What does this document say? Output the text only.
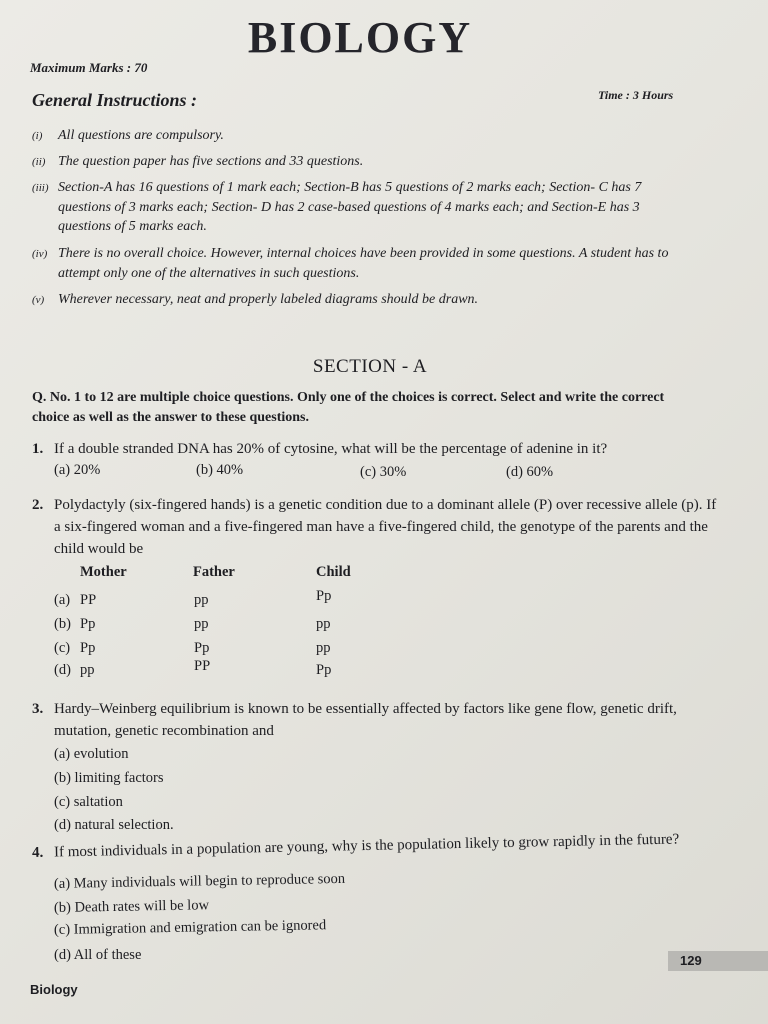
BIOLOGY
Maximum Marks : 70
Time : 3 Hours
General Instructions :
(i) All questions are compulsory.
(ii) The question paper has five sections and 33 questions.
(iii) Section-A has 16 questions of 1 mark each; Section-B has 5 questions of 2 marks each; Section- C has 7
questions of 3 marks each; Section- D has 2 case-based questions of 4 marks each; and Section-E has 3
questions of 5 marks each.
(iv) There is no overall choice. However, internal choices have been provided in some questions. A student has to
attempt only one of the alternatives in such questions.
(v) Wherever necessary, neat and properly labeled diagrams should be drawn.
SECTION - A
Q. No. 1 to 12 are multiple choice questions. Only one of the choices is correct. Select and write the correct
choice as well as the answer to these questions.
1. If a double stranded DNA has 20% of cytosine, what will be the percentage of adenine in it?
(a) 20%	(b) 40%	(c) 30%	(d) 60%
2. Polydactyly (six-fingered hands) is a genetic condition due to a dominant allele (P) over recessive allele (p). If
a six-fingered woman and a five-fingered man have a five-fingered child, the genotype of the parents and the
child would be
Mother	Father	Child
(a) PP	pp	Pp
(b) Pp	pp	pp
(c) Pp	Pp	pp
(d) pp	PP	Pp
3. Hardy–Weinberg equilibrium is known to be essentially affected by factors like gene flow, genetic drift,
mutation, genetic recombination and
(a) evolution
(b) limiting factors
(c) saltation
(d) natural selection.
4. If most individuals in a population are young, why is the population likely to grow rapidly in the future?
(a) Many individuals will begin to reproduce soon
(b) Death rates will be low
(c) Immigration and emigration can be ignored
(d) All of these	129
Biology
